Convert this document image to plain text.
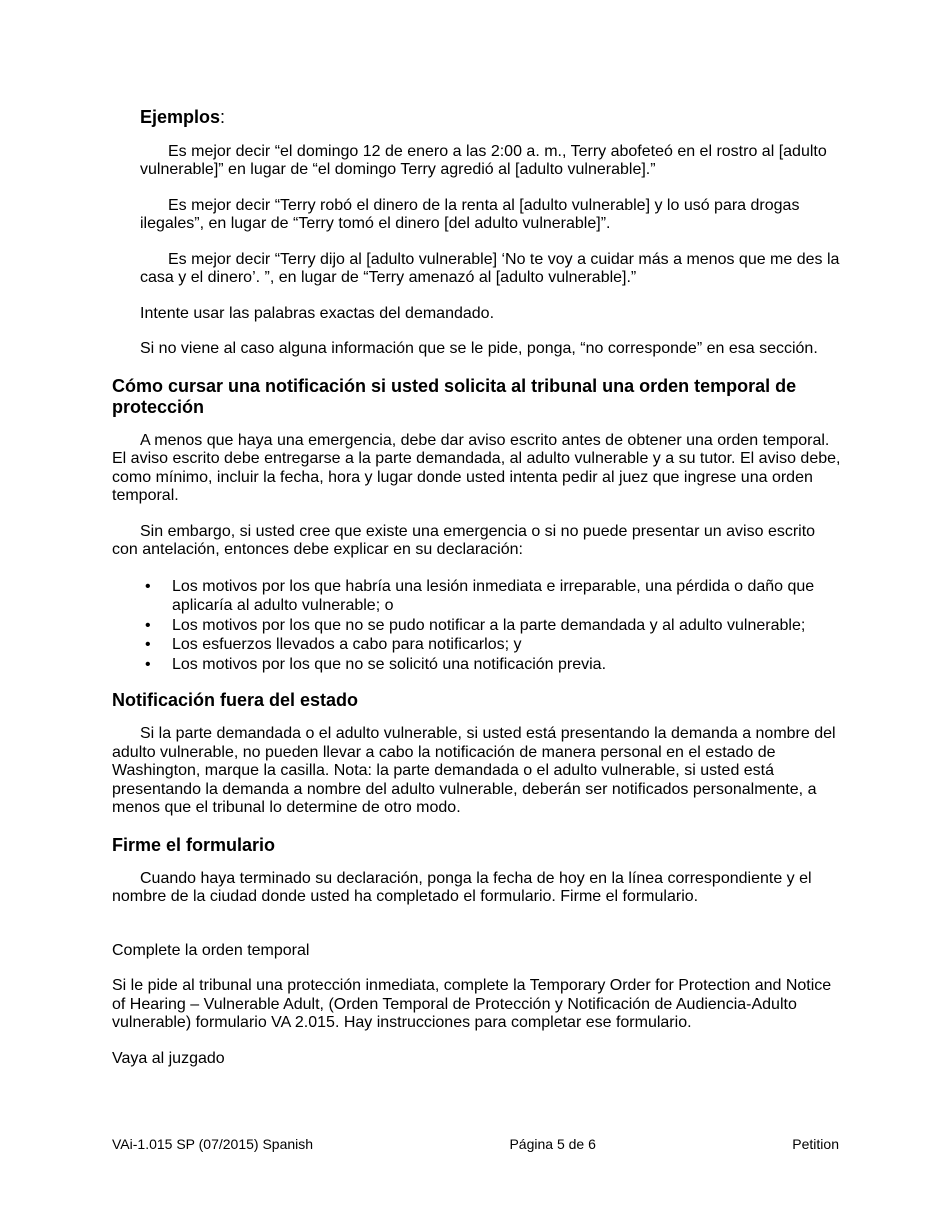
Ejemplos:

Es mejor decir “el domingo 12 de enero a las 2:00 a. m., Terry abofeteó en el rostro al [adulto vulnerable]” en lugar de “el domingo Terry agredió al [adulto vulnerable].”

Es mejor decir “Terry robó el dinero de la renta al [adulto vulnerable] y lo usó para drogas ilegales”, en lugar de “Terry tomó el dinero [del adulto vulnerable]”.

Es mejor decir “Terry dijo al [adulto vulnerable] ‘No te voy a cuidar más a menos que me des la casa y el dinero’. ”, en lugar de “Terry amenazó al [adulto vulnerable].”

Intente usar las palabras exactas del demandado.

Si no viene al caso alguna información que se le pide, ponga, “no corresponde” en esa sección.

Cómo cursar una notificación si usted solicita al tribunal una orden temporal de protección

A menos que haya una emergencia, debe dar aviso escrito antes de obtener una orden temporal. El aviso escrito debe entregarse a la parte demandada, al adulto vulnerable y a su tutor. El aviso debe, como mínimo, incluir la fecha, hora y lugar donde usted intenta pedir al juez que ingrese una orden temporal.

Sin embargo, si usted cree que existe una emergencia o si no puede presentar un aviso escrito con antelación, entonces debe explicar en su declaración:

• Los motivos por los que habría una lesión inmediata e irreparable, una pérdida o daño que aplicaría al adulto vulnerable; o
• Los motivos por los que no se pudo notificar a la parte demandada y al adulto vulnerable;
• Los esfuerzos llevados a cabo para notificarlos; y
• Los motivos por los que no se solicitó una notificación previa.
Notificación fuera del estado

Si la parte demandada o el adulto vulnerable, si usted está presentando la demanda a nombre del adulto vulnerable, no pueden llevar a cabo la notificación de manera personal en el estado de Washington, marque la casilla. Nota: la parte demandada o el adulto vulnerable, si usted está presentando la demanda a nombre del adulto vulnerable, deberán ser notificados personalmente, a menos que el tribunal lo determine de otro modo.

Firme el formulario

Cuando haya terminado su declaración, ponga la fecha de hoy en la línea correspondiente y el nombre de la ciudad donde usted ha completado el formulario. Firme el formulario.

Complete la orden temporal

Si le pide al tribunal una protección inmediata, complete la Temporary Order for Protection and Notice of Hearing – Vulnerable Adult, (Orden Temporal de Protección y Notificación de Audiencia-Adulto vulnerable) formulario VA 2.015. Hay instrucciones para completar ese formulario.

Vaya al juzgado

VAi-1.015 SP (07/2015) Spanish	Página 5 de 6	Petition
